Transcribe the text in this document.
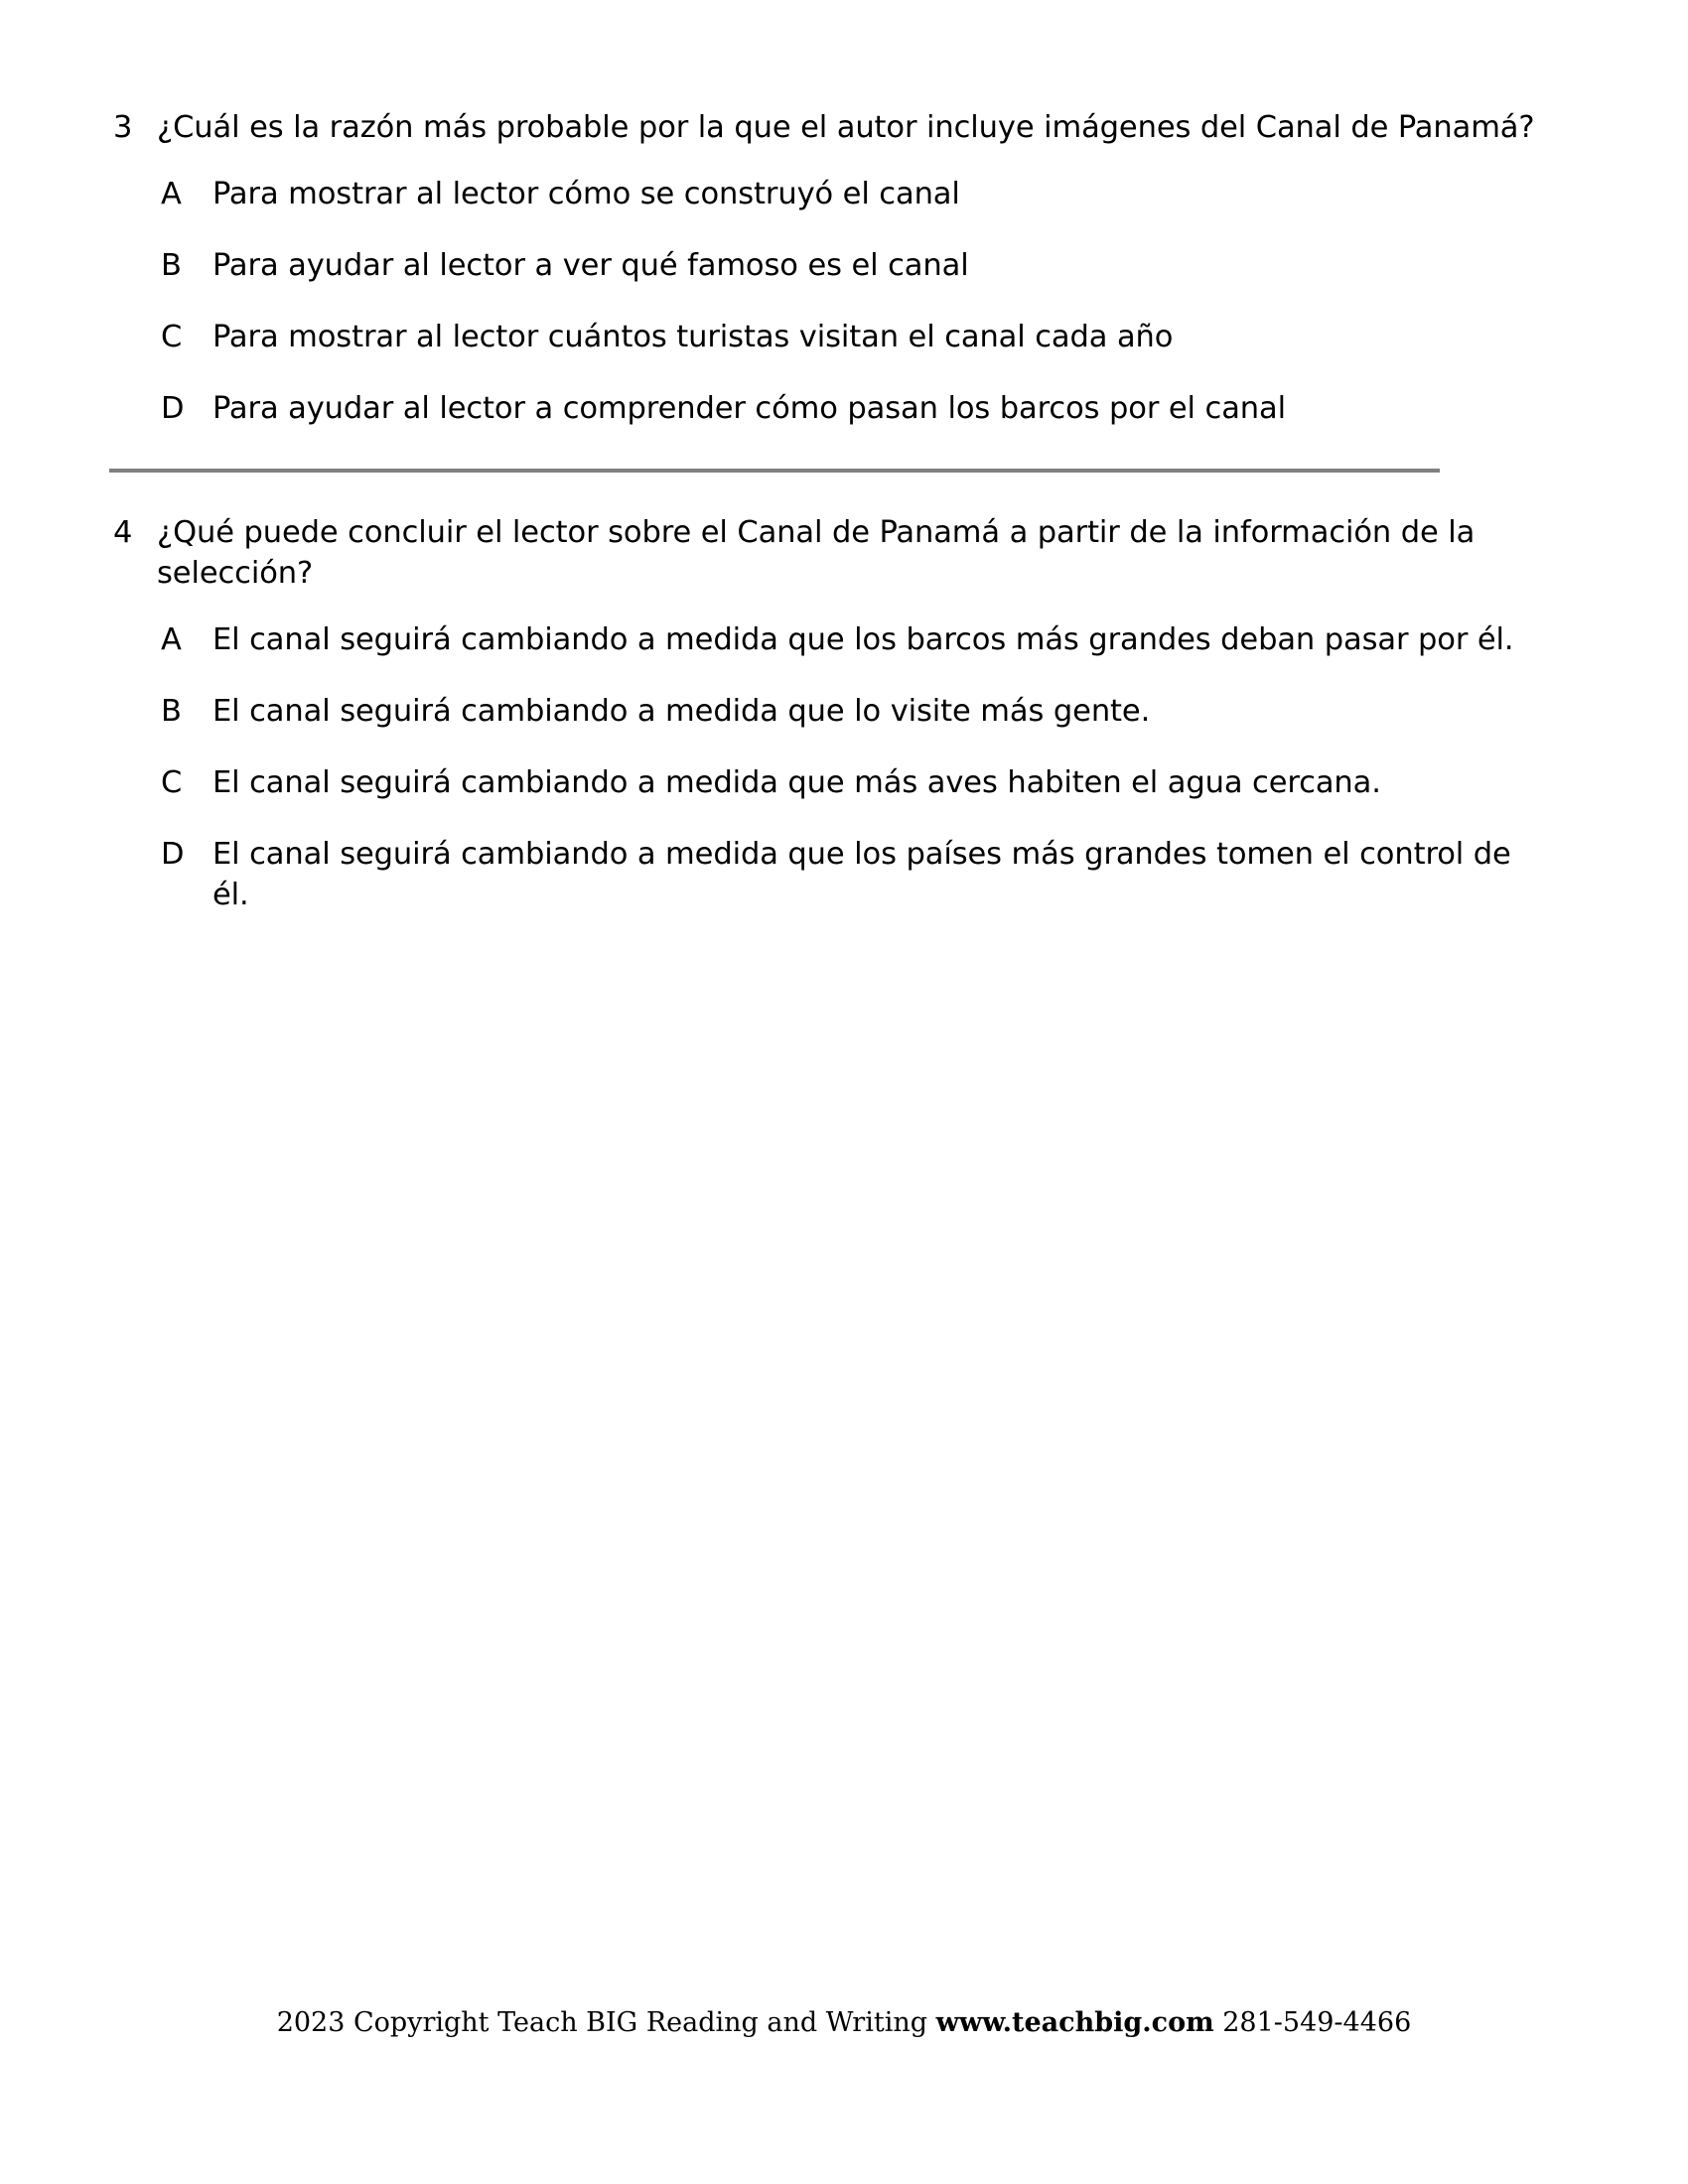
3 ¿Cuál es la razón más probable por la que el autor incluye imágenes del Canal de Panamá?
A	Para mostrar al lector cómo se construyó el canal
B	Para ayudar al lector a ver qué famoso es el canal
C	Para mostrar al lector cuántos turistas visitan el canal cada año
D Para ayudar al lector a comprender cómo pasan los barcos por el canal
4 ¿Qué puede concluir el lector sobre el Canal de Panamá a partir de la información de la selección?
A	El canal seguirá cambiando a medida que los barcos más grandes deban pasar por él.
B	El canal seguirá cambiando a medida que lo visite más gente.
C	El canal seguirá cambiando a medida que más aves habiten el agua cercana.
D El canal seguirá cambiando a medida que los países más grandes tomen el control de él.
2023 Copyright Teach BIG Reading and Writing www.teachbig.com 281-549-4466
